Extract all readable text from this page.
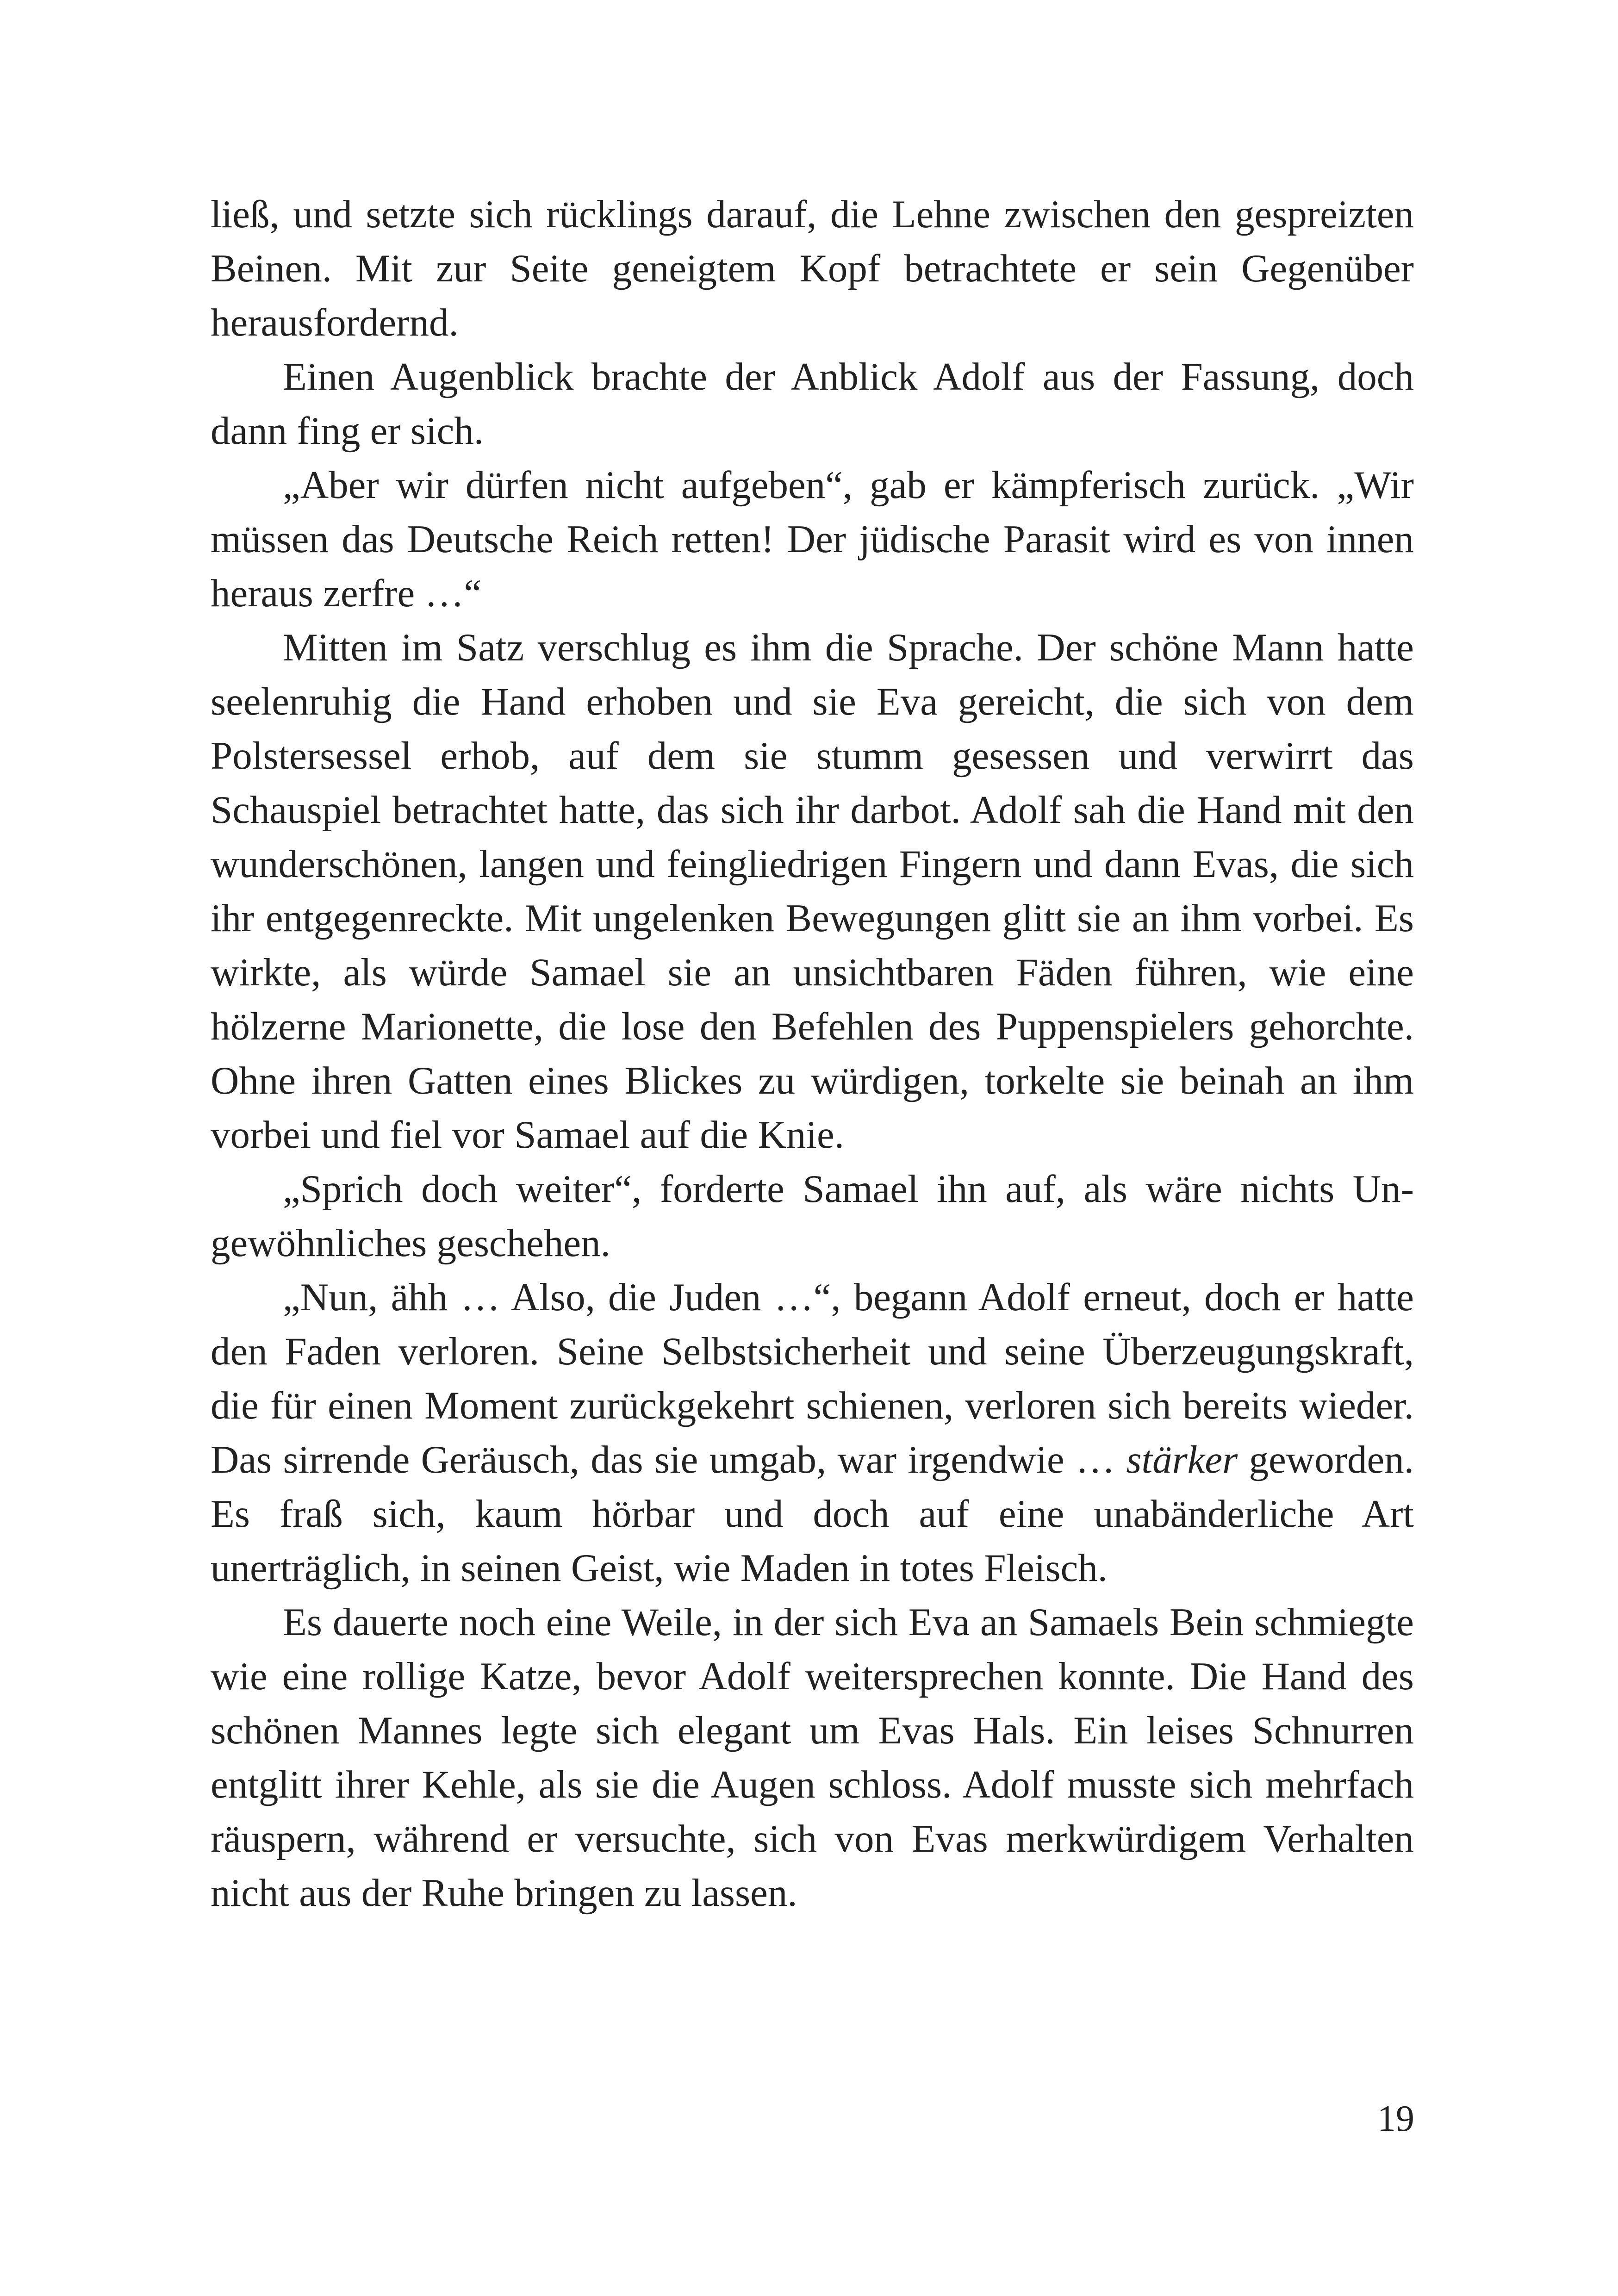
ließ, und setzte sich rücklings darauf, die Lehne zwischen den gespreizten Beinen. Mit zur Seite geneigtem Kopf betrachtete er sein Gegenüber herausfordernd.

Einen Augenblick brachte der Anblick Adolf aus der Fassung, doch dann fing er sich.

„Aber wir dürfen nicht aufgeben“, gab er kämpferisch zurück. „Wir müssen das Deutsche Reich retten! Der jüdische Parasit wird es von innen heraus zerfre …“

Mitten im Satz verschlug es ihm die Sprache. Der schöne Mann hatte seelenruhig die Hand erhoben und sie Eva gereicht, die sich von dem Polstersessel erhob, auf dem sie stumm gesessen und verwirrt das Schauspiel betrachtet hatte, das sich ihr darbot. Adolf sah die Hand mit den wunderschönen, langen und feingliedrigen Fingern und dann Evas, die sich ihr entgegenreckte. Mit ungelenken Bewegungen glitt sie an ihm vorbei. Es wirkte, als würde Samael sie an unsichtbaren Fäden führen, wie eine hölzerne Marionette, die lose den Befehlen des Puppenspielers gehorchte. Ohne ihren Gatten eines Blickes zu würdigen, torkelte sie beinah an ihm vorbei und fiel vor Samael auf die Knie.

„Sprich doch weiter“, forderte Samael ihn auf, als wäre nichts Ungewöhnliches geschehen.

„Nun, ähh … Also, die Juden …“, begann Adolf erneut, doch er hatte den Faden verloren. Seine Selbstsicherheit und seine Überzeugungskraft, die für einen Moment zurückgekehrt schienen, verloren sich bereits wieder. Das sirrende Geräusch, das sie umgab, war irgendwie … stärker geworden. Es fraß sich, kaum hörbar und doch auf eine unabänderliche Art unerträglich, in seinen Geist, wie Maden in totes Fleisch.

Es dauerte noch eine Weile, in der sich Eva an Samaels Bein schmiegte wie eine rollige Katze, bevor Adolf weitersprechen konnte. Die Hand des schönen Mannes legte sich elegant um Evas Hals. Ein leises Schnurren entglitt ihrer Kehle, als sie die Augen schloss. Adolf musste sich mehrfach räuspern, während er versuchte, sich von Evas merkwürdigem Verhalten nicht aus der Ruhe bringen zu lassen.

19
